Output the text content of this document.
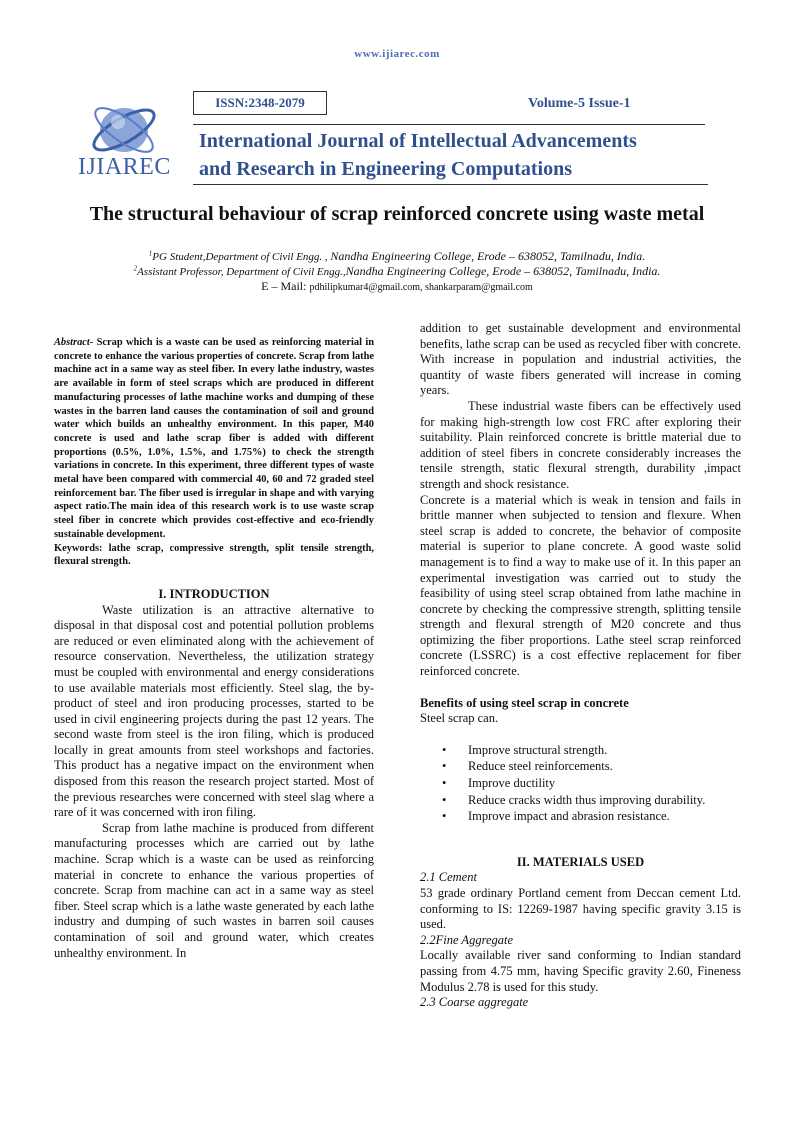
www.ijiarec.com
IJIAREC
ISSN:2348-2079	Volume-5 Issue-1
International Journal of Intellectual Advancements
and Research in Engineering Computations
The structural behaviour of scrap reinforced concrete using waste metal
$^1$PG Student,Department of Civil Engg. , Nandha Engineering College, Erode – 638052, Tamilnadu, India.
$^2$Assistant Professor, Department of Civil Engg.,Nandha Engineering College, Erode – 638052, Tamilnadu, India.
E – Mail: pdhilipkumar4@gmail.com, shankarparam@gmail.com

Abstract- Scrap which is a waste can be used as reinforcing material in concrete to enhance the various properties of concrete. Scrap from lathe machine act in a same way as steel fiber. In every lathe industry, wastes are available in form of steel scraps which are produced in different manufacturing processes of lathe machine works and dumping of these wastes in the barren land causes the contamination of soil and ground water which builds an unhealthy environment. In this paper, M40 concrete is used and lathe scrap fiber is added with different proportions (0.5%, 1.0%, 1.5%, and 1.75%) to check the strength variations in concrete. In this experiment, three different types of waste metal have been compared with commercial 40, 60 and 72 graded steel reinforcement bar. The fiber used is irregular in shape and with varying aspect ratio.The main idea of this research work is to use waste scrap steel fiber in concrete which provides cost-effective and eco-friendly sustainable development.

Keywords: lathe scrap, compressive strength, split tensile strength, flexural strength.

I. INTRODUCTION

Waste utilization is an attractive alternative to disposal in that disposal cost and potential pollution problems are reduced or even eliminated along with the achievement of resource conservation. Nevertheless, the utilization strategy must be coupled with environmental and energy considerations to use available materials most efficiently. Steel slag, the by-product of steel and iron producing processes, started to be used in civil engineering projects during the past 12 years. The second waste from steel is the iron filing, which is produced locally in great amounts from steel workshops and factories. This product has a negative impact on the environment when disposed from this reason the research project started. Most of the previous researches were concerned with steel slag where a rare of it was concerned with iron filing.

Scrap from lathe machine is produced from different manufacturing processes which are carried out by lathe machine. Scrap which is a waste can be used as reinforcing material in concrete to enhance the various properties of concrete. Scrap from machine can act in a same way as steel fiber. Steel scrap which is a lathe waste generated by each lathe industry and dumping of such wastes in barren soil causes contamination of soil and ground water, which creates unhealthy environment. In

addition to get sustainable development and environmental benefits, lathe scrap can be used as recycled fiber with concrete. With increase in population and industrial activities, the quantity of waste fibers generated will increase in coming years.

These industrial waste fibers can be effectively used for making high-strength low cost FRC after exploring their suitability. Plain reinforced concrete is brittle material due to addition of steel fibers in concrete considerably increases the tensile strength, static flexural strength, durability ,impact strength and shock resistance.

Concrete is a material which is weak in tension and fails in brittle manner when subjected to tension and flexure. When steel scrap is added to concrete, the behavior of composite material is superior to plane concrete. A good waste solid management is to find a way to make use of it. In this paper an experimental investigation was carried out to study the feasibility of using steel scrap obtained from lathe machine in concrete by checking the compressive strength, splitting tensile strength and flexural strength of M20 concrete and thus optimizing the fiber proportions. Lathe steel scrap reinforced concrete (LSSRC) is a cost effective replacement for fiber reinforced concrete.

Benefits of using steel scrap in concrete

Steel scrap can.

• Improve structural strength.
• Reduce steel reinforcements.
• Improve ductility
• Reduce cracks width thus improving durability.
• Improve impact and abrasion resistance.

II. MATERIALS USED

2.1 Cement

53 grade ordinary Portland cement from Deccan cement Ltd. conforming to IS: 12269-1987 having specific gravity 3.15 is used.

2.2Fine Aggregate

Locally available river sand conforming to Indian standard passing from 4.75 mm, having Specific gravity 2.60, Fineness Modulus 2.78 is used for this study.

2.3 Coarse aggregate
